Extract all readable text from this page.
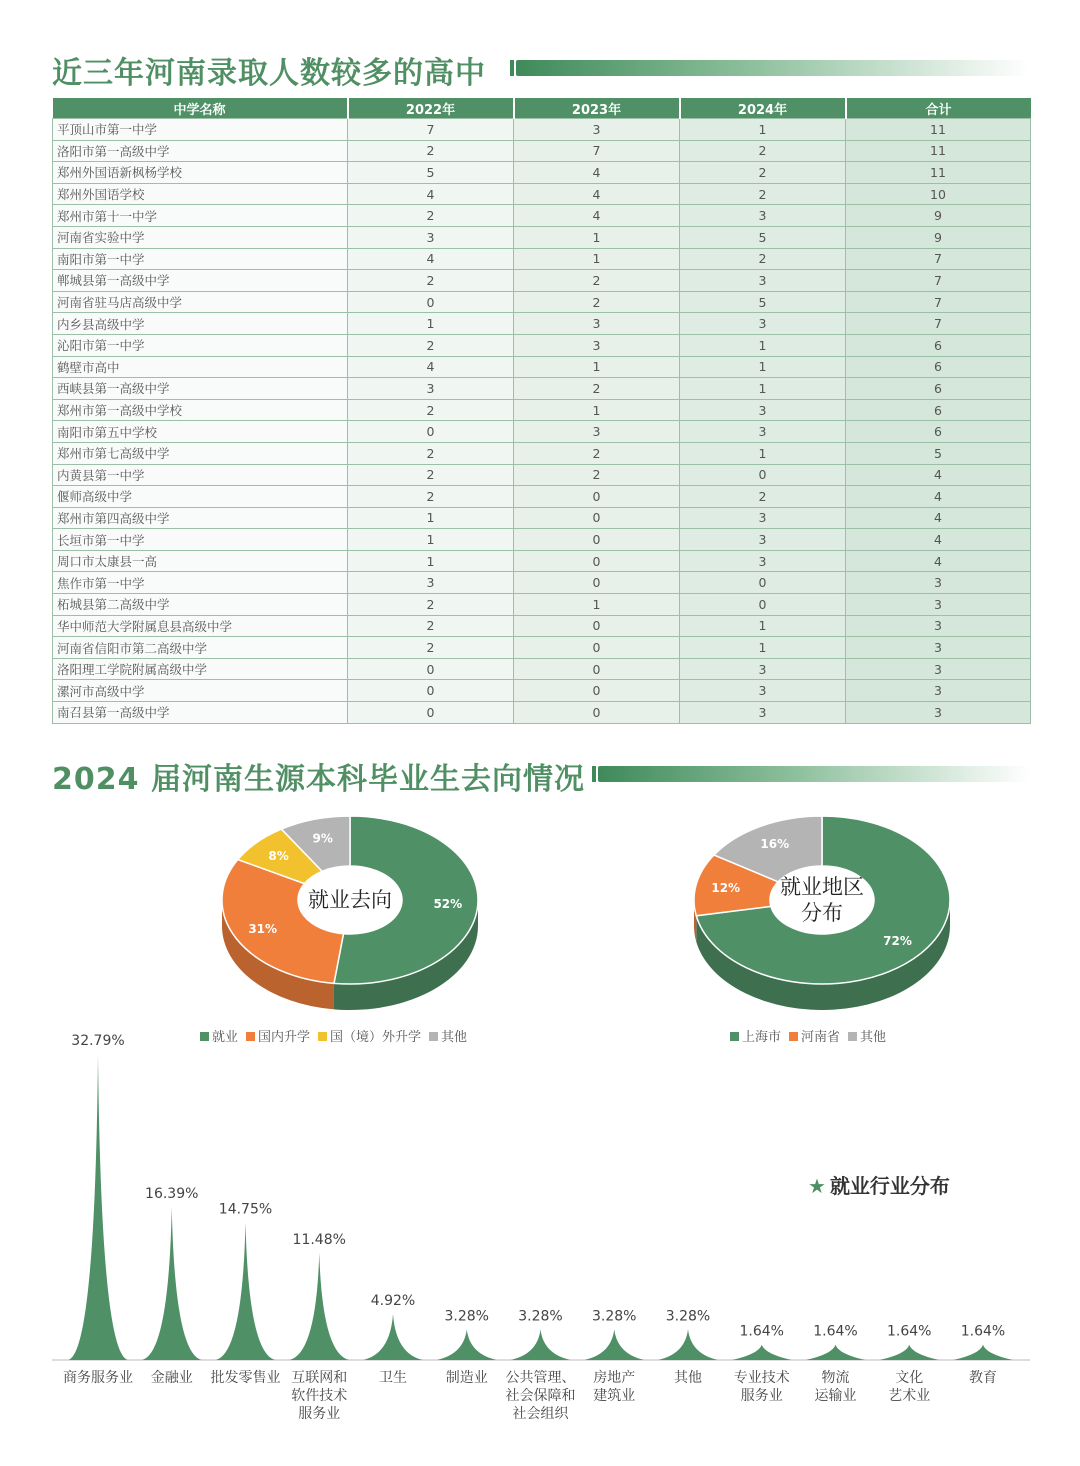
近三年河南录取人数较多的高中
中学名称	2022年	2023年	2024年	合计
平顶山市第一中学	7	3	1	11
洛阳市第一高级中学	2	7	2	11
郑州外国语新枫杨学校	5	4	2	11
郑州外国语学校	4	4	2	10
郑州市第十一中学	2	4	3	9
河南省实验中学	3	1	5	9
南阳市第一中学	4	1	2	7
郸城县第一高级中学	2	2	3	7
河南省驻马店高级中学	0	2	5	7
内乡县高级中学	1	3	3	7
沁阳市第一中学	2	3	1	6
鹤壁市高中	4	1	1	6
西峡县第一高级中学	3	2	1	6
郑州市第一高级中学校	2	1	3	6
南阳市第五中学校	0	3	3	6
郑州市第七高级中学	2	2	1	5
内黄县第一中学	2	2	0	4
偃师高级中学	2	0	2	4
郑州市第四高级中学	1	0	3	4
长垣市第一中学	1	0	3	4
周口市太康县一高	1	0	3	4
焦作市第一中学	3	0	0	3
柘城县第二高级中学	2	1	0	3
华中师范大学附属息县高级中学	2	0	1	3
河南省信阳市第二高级中学	2	0	1	3
洛阳理工学院附属高级中学	0	0	3	3
漯河市高级中学	0	0	3	3
南召县第一高级中学	0	0	3	3
2024 届河南生源本科毕业生去向情况
52%
31%
8%
9%
就业去向
就业 国内升学 国（境）外升学 其他
72%
12%
16%
就业地区
分布
上海市 河南省 其他
★ 就业行业分布
32.79%
商务服务业
16.39%
金融业
14.75%
批发零售业
11.48%
互联网和
软件技术
服务业
4.92%
卫生
3.28%
制造业
3.28%
公共管理、
社会保障和
社会组织
3.28%
房地产
建筑业
3.28%
其他
1.64%
专业技术
服务业
1.64%
物流
运输业
1.64%
文化
艺术业
1.64%
教育
